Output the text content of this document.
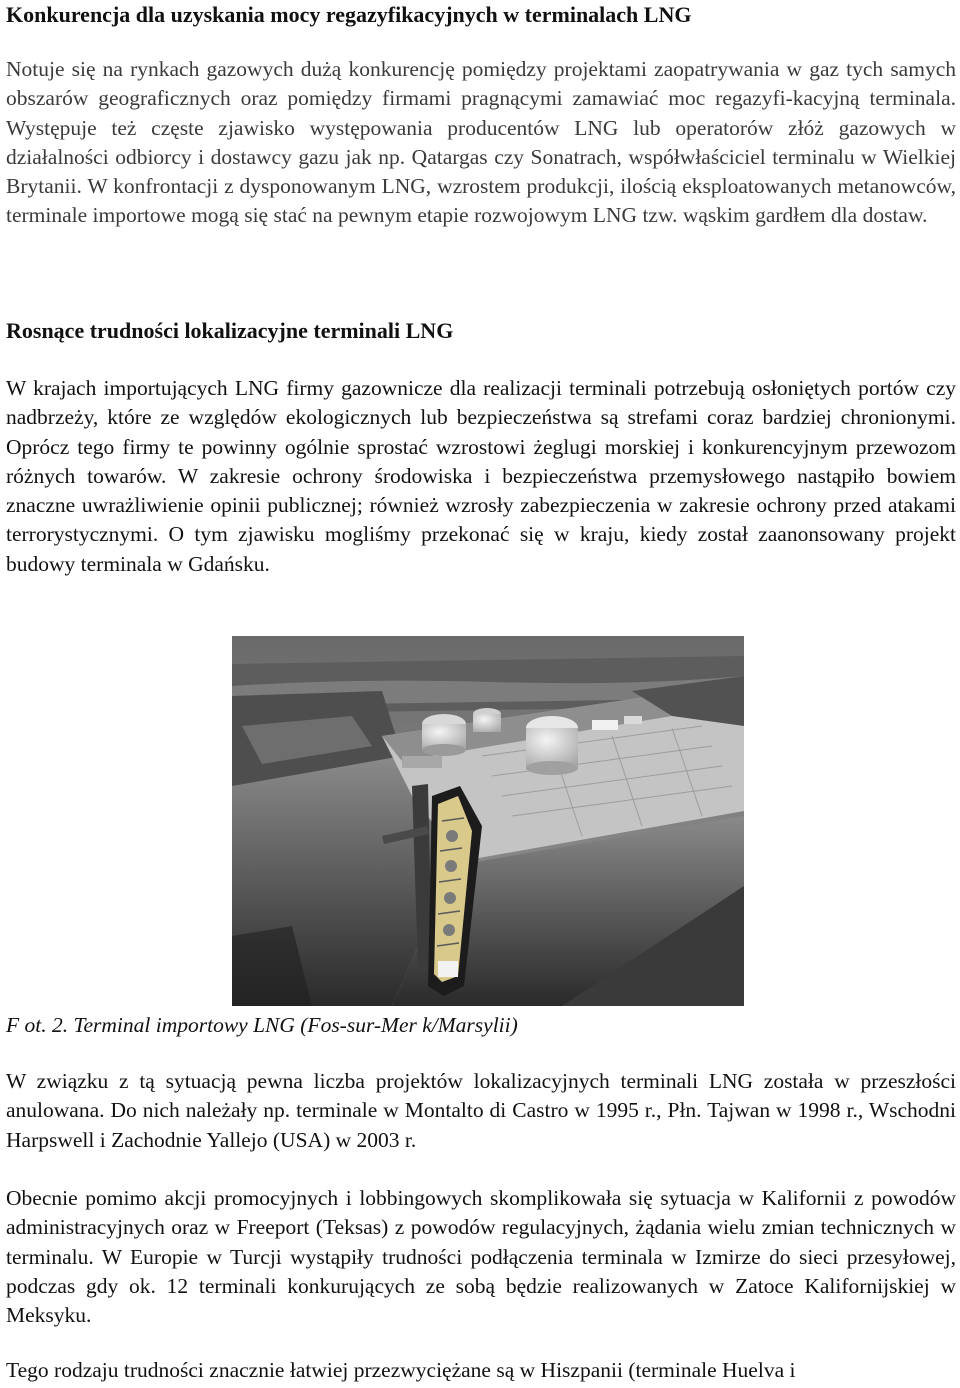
Konkurencja dla uzyskania mocy regazyfikacyjnych w terminalach LNG

Notuje się na rynkach gazowych dużą konkurencję pomiędzy projektami zaopatrywania w gaz tych samych obszarów geograficznych oraz pomiędzy firmami pragnącymi zamawiać moc regazyfi-kacyjną terminala. Występuje też częste zjawisko występowania producentów LNG lub operatorów złóż gazowych w działalności odbiorcy i dostawcy gazu jak np. Qatargas czy Sonatrach, współwłaściciel terminalu w Wielkiej Brytanii. W konfrontacji z dysponowanym LNG, wzrostem produkcji, ilością eksploatowanych metanowców, terminale importowe mogą się stać na pewnym etapie rozwojowym LNG tzw. wąskim gardłem dla dostaw.

Rosnące trudności lokalizacyjne terminali LNG

W krajach importujących LNG firmy gazownicze dla realizacji terminali potrzebują osłoniętych portów czy nadbrzeży, które ze względów ekologicznych lub bezpieczeństwa są strefami coraz bardziej chronionymi. Oprócz tego firmy te powinny ogólnie sprostać wzrostowi żeglugi morskiej i konkurencyjnym przewozom różnych towarów. W zakresie ochrony środowiska i bezpieczeństwa przemysłowego nastąpiło bowiem znaczne uwrażliwienie opinii publicznej; również wzrosły zabezpieczenia w zakresie ochrony przed atakami terrorystycznymi. O tym zjawisku mogliśmy przekonać się w kraju, kiedy został zaanonsowany projekt budowy terminala w Gdańsku.

F ot. 2. Terminal importowy LNG (Fos-sur-Mer k/Marsylii)

W związku z tą sytuacją pewna liczba projektów lokalizacyjnych terminali LNG została w przeszłości anulowana. Do nich należały np. terminale w Montalto di Castro w 1995 r., Płn. Tajwan w 1998 r., Wschodni Harpswell i Zachodnie Yallejo (USA) w 2003 r.

Obecnie pomimo akcji promocyjnych i lobbingowych skomplikowała się sytuacja w Kalifornii z powodów administracyjnych oraz w Freeport (Teksas) z powodów regulacyjnych, żądania wielu zmian technicznych w terminalu. W Europie w Turcji wystąpiły trudności podłączenia terminala w Izmirze do sieci przesyłowej, podczas gdy ok. 12 terminali konkurujących ze sobą będzie realizowanych w Zatoce Kalifornijskiej w Meksyku.

Tego rodzaju trudności znacznie łatwiej przezwyciężane są w Hiszpanii (terminale Huelva i
